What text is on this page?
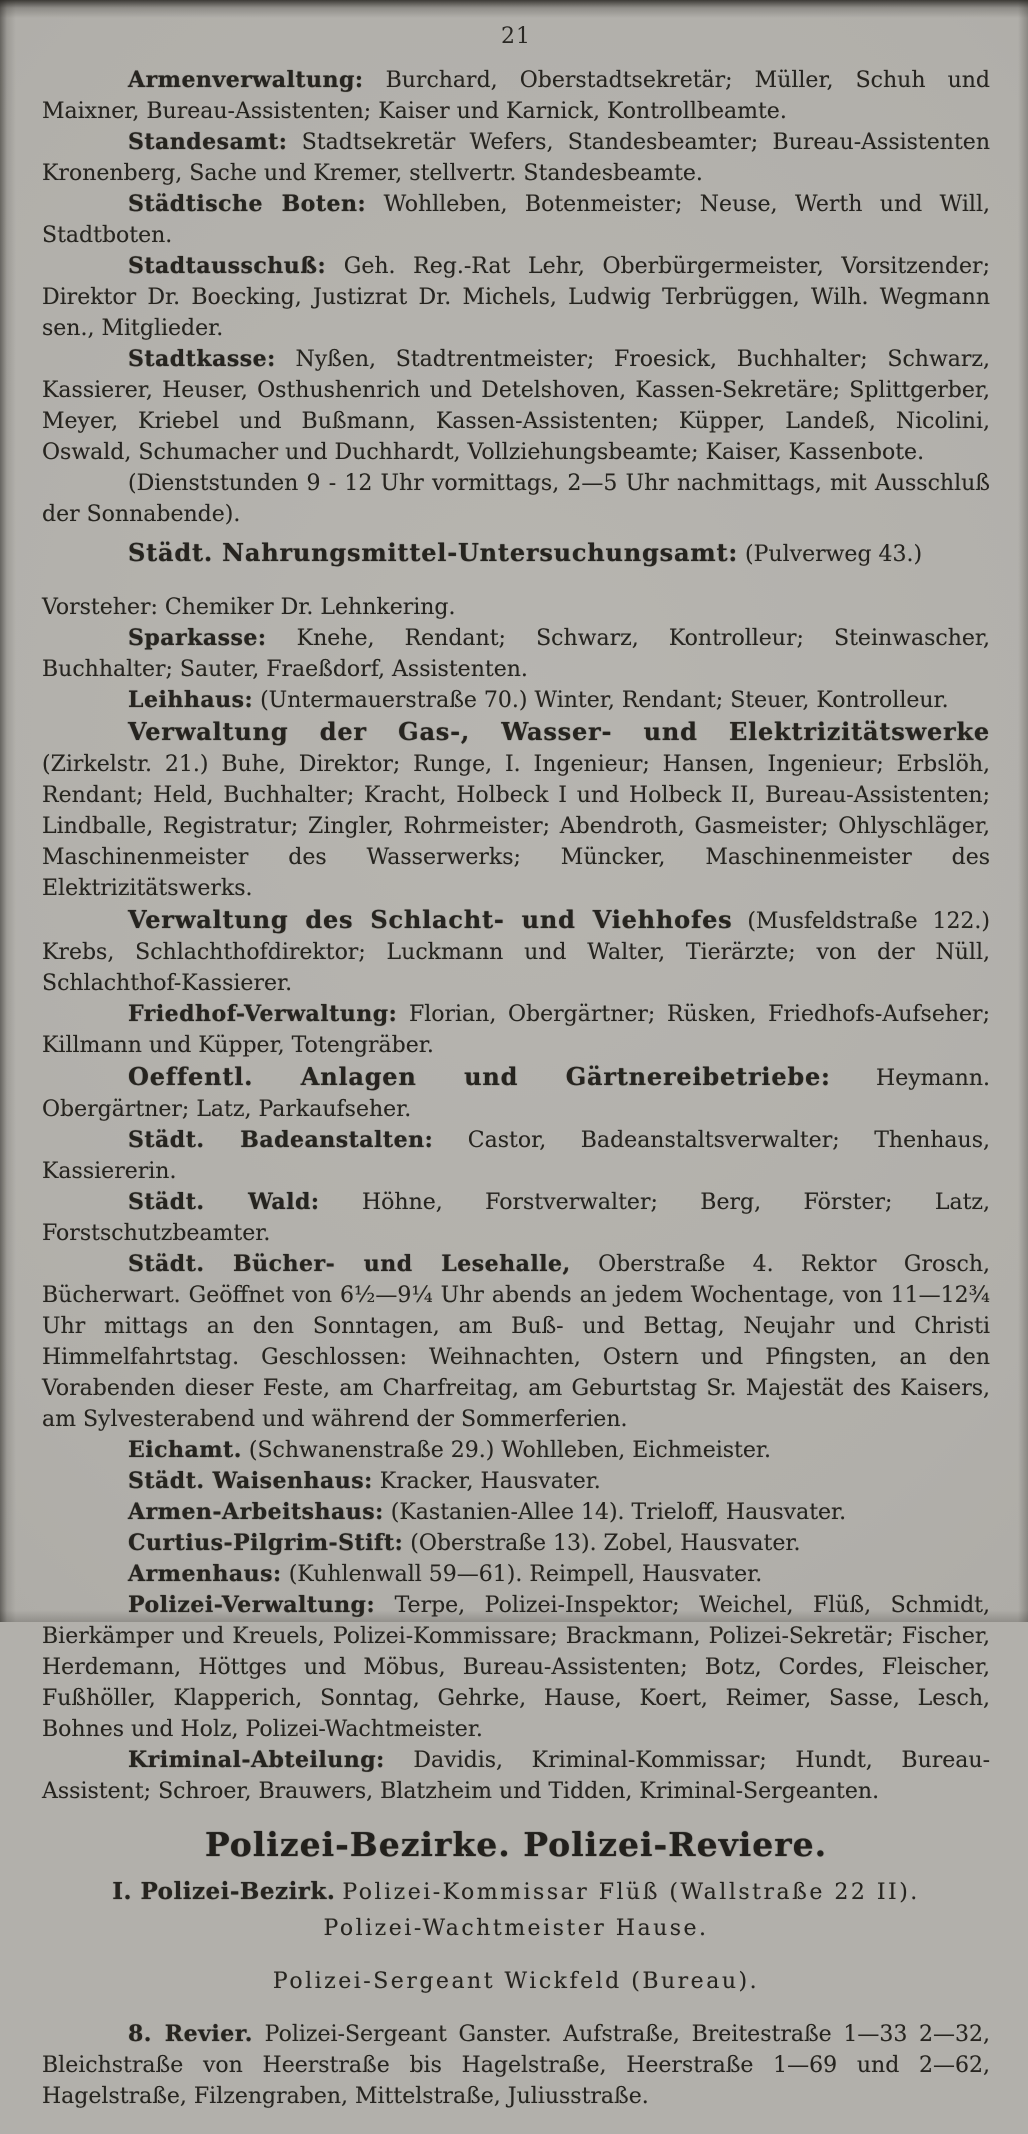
21

Armenverwaltung: Burchard, Oberstadtsekretär; Müller, Schuh und Maixner, Bureau-Assistenten; Kaiser und Karnick, Kontrollbeamte.

Standesamt: Stadtsekretär Wefers, Standesbeamter; Bureau-Assistenten Kronenberg, Sache und Kremer, stellvertr. Standesbeamte.

Städtische Boten: Wohlleben, Botenmeister; Neuse, Werth und Will, Stadtboten.

Stadtausschuß: Geh. Reg.-Rat Lehr, Oberbürgermeister, Vorsitzender; Direktor Dr. Boecking, Justizrat Dr. Michels, Ludwig Terbrüggen, Wilh. Wegmann sen., Mitglieder.

Stadtkasse: Nyßen, Stadtrentmeister; Froesick, Buchhalter; Schwarz, Kassierer, Heuser, Osthushenrich und Detelshoven, Kassen-Sekretäre; Splittgerber, Meyer, Kriebel und Bußmann, Kassen-Assistenten; Küpper, Landeß, Nicolini, Oswald, Schumacher und Duchhardt, Vollziehungsbeamte; Kaiser, Kassenbote.

(Dienststunden 9 - 12 Uhr vormittags, 2—5 Uhr nachmittags, mit Ausschluß der Sonnabende).

Städt. Nahrungsmittel-Untersuchungsamt: (Pulverweg 43.)

Vorsteher: Chemiker Dr. Lehnkering.

Sparkasse: Knehe, Rendant; Schwarz, Kontrolleur; Steinwascher, Buchhalter; Sauter, Fraeßdorf, Assistenten.

Leihhaus: (Untermauerstraße 70.) Winter, Rendant; Steuer, Kontrolleur.

Verwaltung der Gas-, Wasser- und Elektrizitätswerke (Zirkelstr. 21.) Buhe, Direktor; Runge, I. Ingenieur; Hansen, Ingenieur; Erbslöh, Rendant; Held, Buchhalter; Kracht, Holbeck I und Holbeck II, Bureau-Assistenten; Lindballe, Registratur; Zingler, Rohrmeister; Abendroth, Gasmeister; Ohlyschläger, Maschinenmeister des Wasserwerks; Müncker, Maschinenmeister des Elektrizitätswerks.

Verwaltung des Schlacht- und Viehhofes (Musfeldstraße 122.) Krebs, Schlachthofdirektor; Luckmann und Walter, Tierärzte; von der Nüll, Schlachthof-Kassierer.

Friedhof-Verwaltung: Florian, Obergärtner; Rüsken, Friedhofs-Aufseher; Killmann und Küpper, Totengräber.

Oeffentl. Anlagen und Gärtnereibetriebe: Heymann. Obergärtner; Latz, Parkaufseher.

Städt. Badeanstalten: Castor, Badeanstaltsverwalter; Thenhaus, Kassiererin.

Städt. Wald: Höhne, Forstverwalter; Berg, Förster; Latz, Forstschutzbeamter.

Städt. Bücher- und Lesehalle, Oberstraße 4. Rektor Grosch, Bücherwart. Geöffnet von 6½—9¼ Uhr abends an jedem Wochentage, von 11—12¾ Uhr mittags an den Sonntagen, am Buß- und Bettag, Neujahr und Christi Himmelfahrtstag. Geschlossen: Weihnachten, Ostern und Pfingsten, an den Vorabenden dieser Feste, am Charfreitag, am Geburtstag Sr. Majestät des Kaisers, am Sylvesterabend und während der Sommerferien.

Eichamt. (Schwanenstraße 29.) Wohlleben, Eichmeister.

Städt. Waisenhaus: Kracker, Hausvater.

Armen-Arbeitshaus: (Kastanien-Allee 14). Trieloff, Hausvater.

Curtius-Pilgrim-Stift: (Oberstraße 13). Zobel, Hausvater.

Armenhaus: (Kuhlenwall 59—61). Reimpell, Hausvater.

Polizei-Verwaltung: Terpe, Polizei-Inspektor; Weichel, Flüß, Schmidt, Bierkämper und Kreuels, Polizei-Kommissare; Brackmann, Polizei-Sekretär; Fischer, Herdemann, Höttges und Möbus, Bureau-Assistenten; Botz, Cordes, Fleischer, Fußhöller, Klapperich, Sonntag, Gehrke, Hause, Koert, Reimer, Sasse, Lesch, Bohnes und Holz, Polizei-Wachtmeister.

Kriminal-Abteilung: Davidis, Kriminal-Kommissar; Hundt, Bureau-Assistent; Schroer, Brauwers, Blatzheim und Tidden, Kriminal-Sergeanten.

Polizei-Bezirke. Polizei-Reviere.

I. Polizei-Bezirk. Polizei-Kommissar Flüß (Wallstraße 22 II).

Polizei-Wachtmeister Hause.

Polizei-Sergeant Wickfeld (Bureau).

8. Revier. Polizei-Sergeant Ganster. Aufstraße, Breitestraße 1—33 2—32, Bleichstraße von Heerstraße bis Hagelstraße, Heerstraße 1—69 und 2—62, Hagelstraße, Filzengraben, Mittelstraße, Juliusstraße.
